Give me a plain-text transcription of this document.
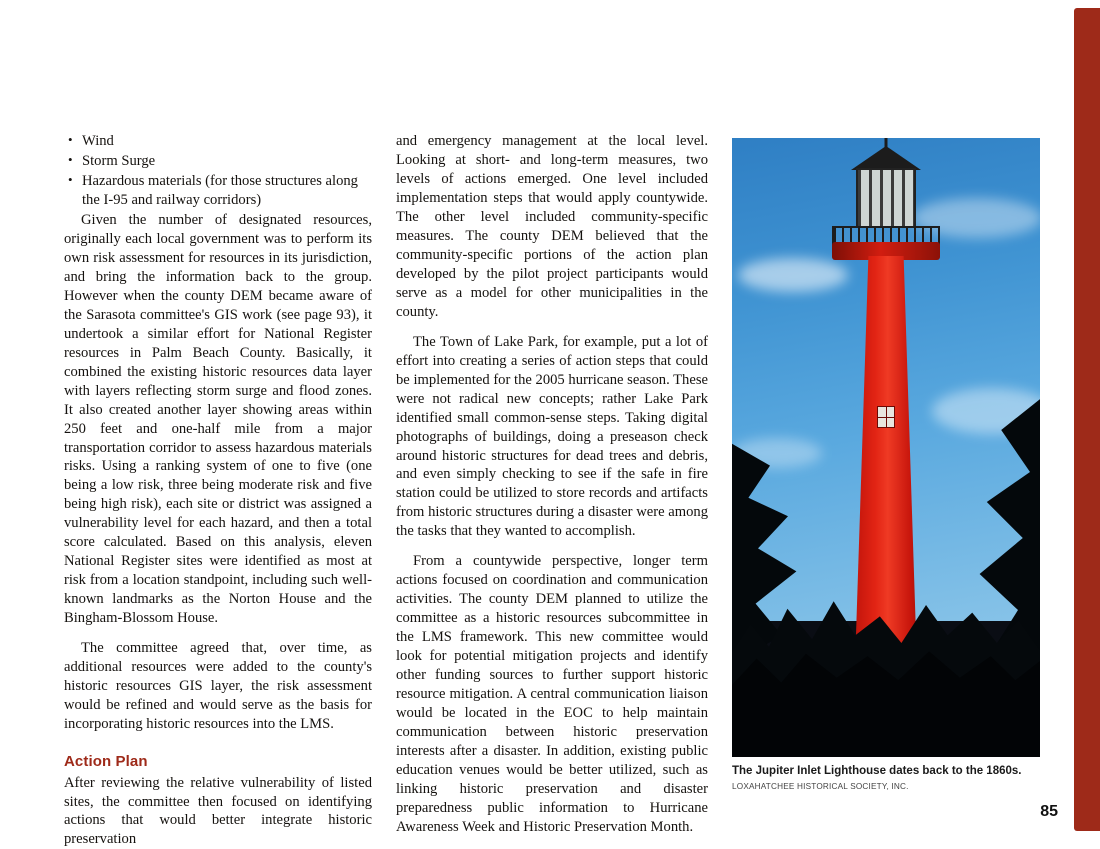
• Wind
• Storm Surge
• Hazardous materials (for those structures along the I-95 and railway corridors)

Given the number of designated resources, originally each local government was to perform its own risk assessment for resources in its jurisdiction, and bring the information back to the group. However when the county DEM became aware of the Sarasota committee's GIS work (see page 93), it undertook a similar effort for National Register resources in Palm Beach County. Basically, it combined the existing historic resources data layer with layers reflecting storm surge and flood zones. It also created another layer showing areas within 250 feet and one-half mile from a major transportation corridor to assess hazardous materials risks. Using a ranking system of one to five (one being a low risk, three being moderate risk and five being high risk), each site or district was assigned a vulnerability level for each hazard, and then a total score calculated. Based on this analysis, eleven National Register sites were identified as most at risk from a location standpoint, including such well-known landmarks as the Norton House and the Bingham-Blossom House.

The committee agreed that, over time, as additional resources were added to the county's historic resources GIS layer, the risk assessment would be refined and would serve as the basis for incorporating historic resources into the LMS.

Action Plan

After reviewing the relative vulnerability of listed sites, the committee then focused on identifying actions that would better integrate historic preservation

and emergency management at the local level. Looking at short- and long-term measures, two levels of actions emerged. One level included implementation steps that would apply countywide. The other level included community-specific measures. The county DEM believed that the community-specific portions of the action plan developed by the pilot project participants would serve as a model for other municipalities in the county.

The Town of Lake Park, for example, put a lot of effort into creating a series of action steps that could be implemented for the 2005 hurricane season. These were not radical new concepts; rather Lake Park identified small common-sense steps. Taking digital photographs of buildings, doing a preseason check around historic structures for dead trees and debris, and even simply checking to see if the safe in fire station could be utilized to store records and artifacts from historic structures during a disaster were among the tasks that they wanted to accomplish.

From a countywide perspective, longer term actions focused on coordination and communication activities. The county DEM planned to utilize the committee as a historic resources subcommittee in the LMS framework. This new committee would look for potential mitigation projects and identify other funding sources to further support historic resource mitigation. A central communication liaison would be located in the EOC to help maintain communication between historic preservation interests after a disaster. In addition, existing public education venues would be better utilized, such as linking historic preservation and disaster preparedness public information to Hurricane Awareness Week and Historic Preservation Month.

The Jupiter Inlet Lighthouse dates back to the 1860s.
LOXAHATCHEE HISTORICAL SOCIETY, INC.
85
